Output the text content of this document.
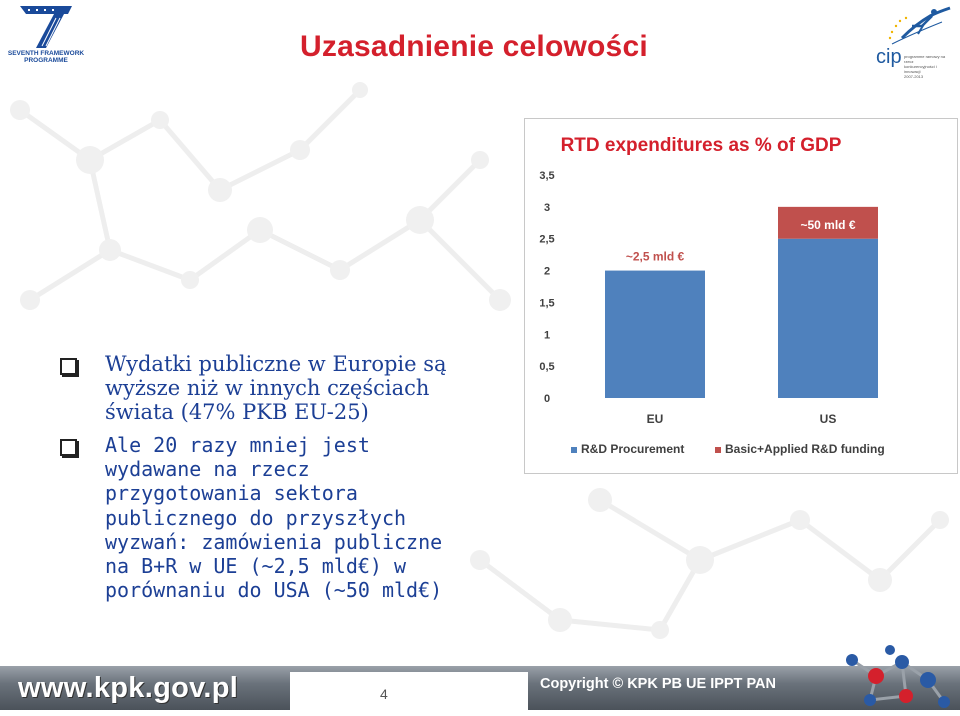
SEVENTH FRAMEWORK
PROGRAMME	cip programme ramowy na rzecz
konkurencyjności i innowacji
2007-2013
Uzasadnienie celowości
Wydatki publiczne w Europie są
wyższe niż w innych częściach
świata (47% PKB EU-25)
Ale 20 razy mniej jest
wydawane na rzecz
przygotowania sektora
publicznego do przyszłych
wyzwań: zamówienia publiczne
na B+R w UE (~2,5 mld€) w
porównaniu do USA (~50 mld€)
RTD expenditures as % of GDP
0
0,5
1
1,5
2
2,5
3
3,5
EU	US
~2,5 mld €
~50 mld €
R&D Procurement	Basic+Applied R&D funding
www.kpk.gov.pl	4
Copyright © KPK PB UE IPPT PAN
